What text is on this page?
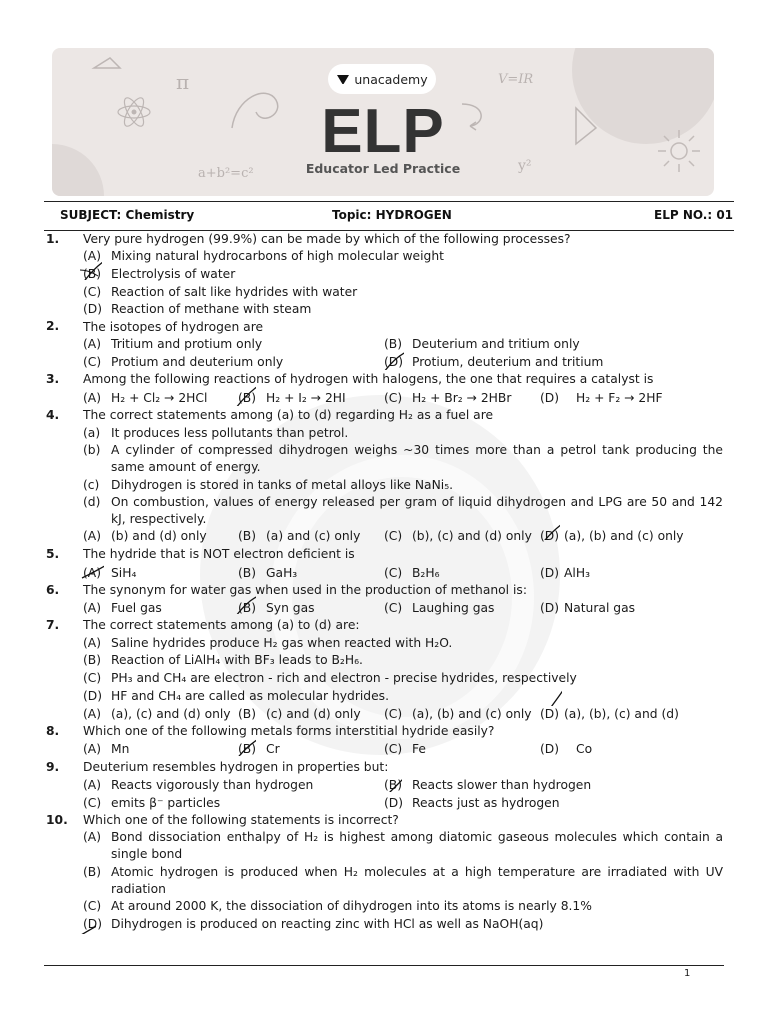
π	V=IR
a+b²=c²	y²
unacademy
ELP
Educator Led Practice
SUBJECT: Chemistry	Topic: HYDROGEN	ELP NO.: 01
1. Very pure hydrogen (99.9%) can be made by which of the following processes?
(A) Mixing natural hydrocarbons of high molecular weight
(B) Electrolysis of water
(C) Reaction of salt like hydrides with water
(D) Reaction of methane with steam
2. The isotopes of hydrogen are
(A) Tritium and protium only	(B) Deuterium and tritium only
(C) Protium and deuterium only	(D) Protium, deuterium and tritium
3. Among the following reactions of hydrogen with halogens, the one that requires a catalyst is
(A) H₂ + Cl₂ → 2HCl (B) H₂ + I₂ → 2HI	(C) H₂ + Br₂ → 2HBr (D) H₂ + F₂ → 2HF
4. The correct statements among (a) to (d) regarding H₂ as a fuel are
(a) It produces less pollutants than petrol.
(b) A cylinder of compressed dihydrogen weighs ~30 times more than a petrol tank producing the same amount of energy.
(c) Dihydrogen is stored in tanks of metal alloys like NaNi₅.
(d) On combustion, values of energy released per gram of liquid dihydrogen and LPG are 50 and 142 kJ, respectively.
(A) (b) and (d) only	(B) (a) and (c) only (C) (b), (c) and (d) only (D) (a), (b) and (c) only
5. The hydride that is NOT electron deficient is
(A) SiH₄	(B) GaH₃	(C) B₂H₆	(D) AlH₃
6. The synonym for water gas when used in the production of methanol is:
(A) Fuel gas	(B) Syn gas	(C) Laughing gas	(D) Natural gas
7. The correct statements among (a) to (d) are:
(A) Saline hydrides produce H₂ gas when reacted with H₂O.
(B) Reaction of LiAlH₄ with BF₃ leads to B₂H₆.
(C) PH₃ and CH₄ are electron - rich and electron - precise hydrides, respectively
(D) HF and CH₄ are called as molecular hydrides.
(A) (a), (c) and (d) only (B) (c) and (d) only (C) (a), (b) and (c) only (D) (a), (b), (c) and (d)
8. Which one of the following metals forms interstitial hydride easily?
(A) Mn	(B) Cr	(C) Fe	(D) Co
9. Deuterium resembles hydrogen in properties but:
(A) Reacts vigorously than hydrogen	(B) Reacts slower than hydrogen
(C) emits β⁻ particles	(D) Reacts just as hydrogen
10. Which one of the following statements is incorrect?
(A) Bond dissociation enthalpy of H₂ is highest among diatomic gaseous molecules which contain a single bond
(B) Atomic hydrogen is produced when H₂ molecules at a high temperature are irradiated with UV radiation
(C) At around 2000 K, the dissociation of dihydrogen into its atoms is nearly 8.1%
(D) Dihydrogen is produced on reacting zinc with HCl as well as NaOH(aq)
1
